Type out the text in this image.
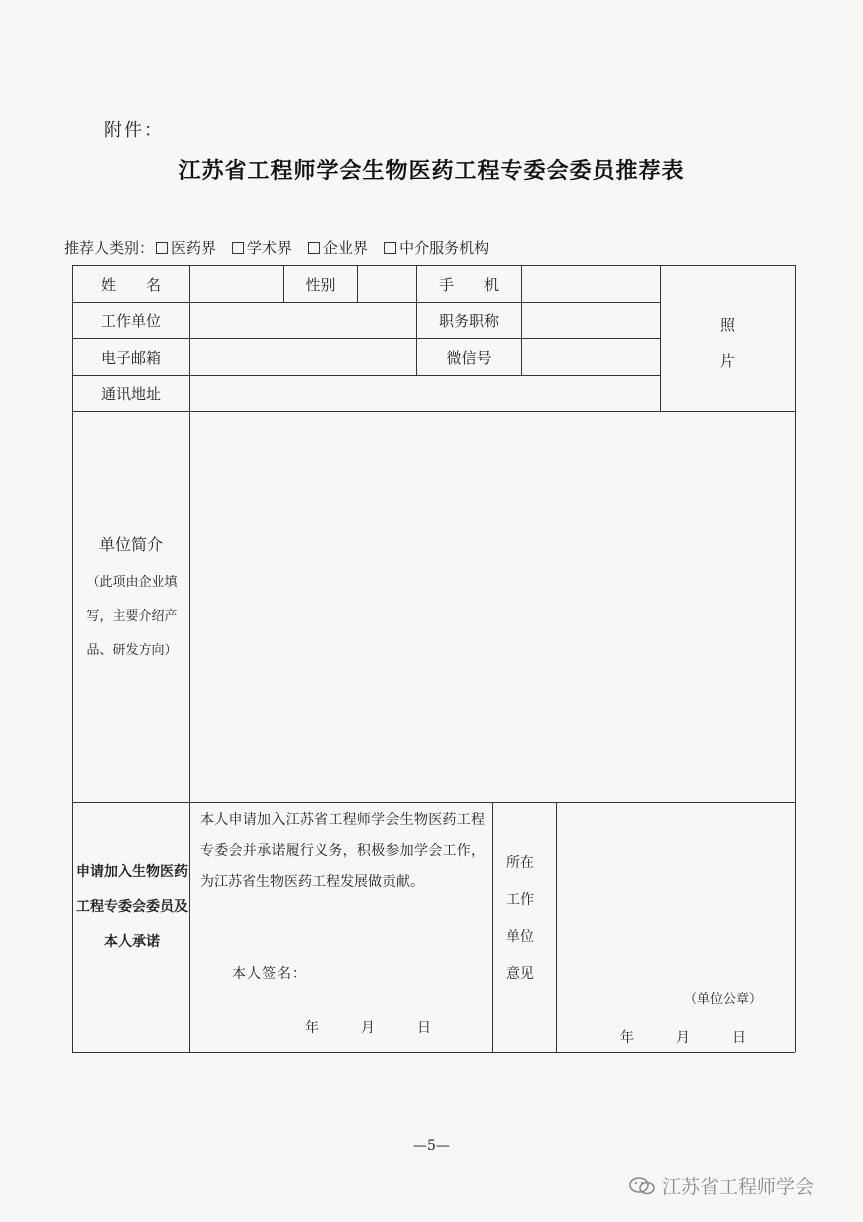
附件：
江苏省工程师学会生物医药工程专委会委员推荐表
推荐人类别： 医药界 学术界 企业界 中介服务机构
姓　　名	性别	手　　机
工作单位	职务职称
电子邮箱	微信号
通讯地址
照
片
单位简介
（此项由企业填写，主要介绍产品、研发方向）
申请加入生物医药工程专委会委员及本人承诺
本人申请加入江苏省工程师学会生物医药工程专委会并承诺履行义务，积极参加学会工作，为江苏省生物医药工程发展做贡献。
本人签名：
年　　　月　　　日
所在工作单位意见
（单位公章）
年　　　月　　　日
—5—
江苏省工程师学会
